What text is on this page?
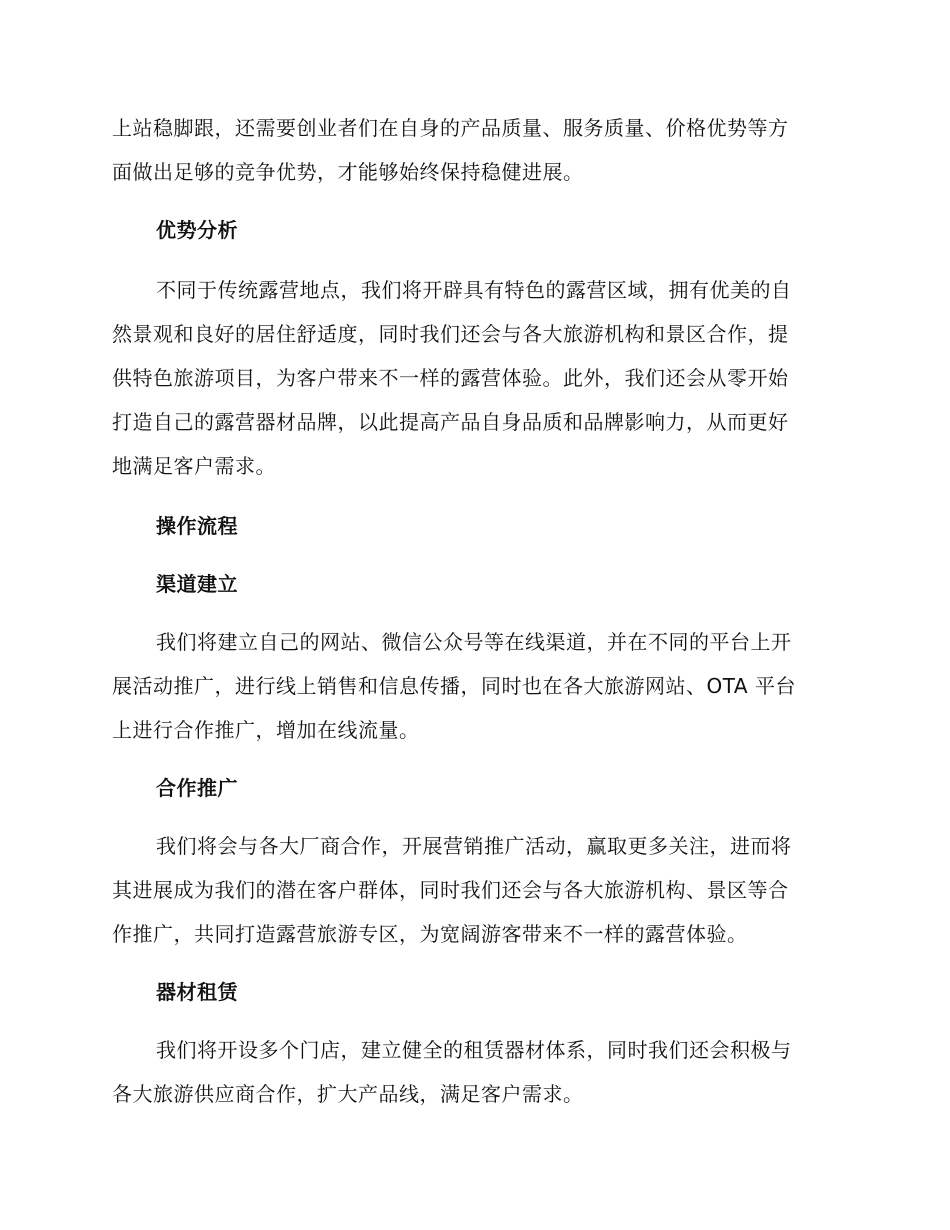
上站稳脚跟，还需要创业者们在自身的产品质量、服务质量、价格优势等方
面做出足够的竞争优势，才能够始终保持稳健进展。

优势分析

不同于传统露营地点，我们将开辟具有特色的露营区域，拥有优美的自
然景观和良好的居住舒适度，同时我们还会与各大旅游机构和景区合作，提
供特色旅游项目，为客户带来不一样的露营体验。此外，我们还会从零开始
打造自己的露营器材品牌，以此提高产品自身品质和品牌影响力，从而更好
地满足客户需求。

操作流程
渠道建立

我们将建立自己的网站、微信公众号等在线渠道，并在不同的平台上开
展活动推广，进行线上销售和信息传播，同时也在各大旅游网站、OTA 平台
上进行合作推广，增加在线流量。

合作推广

我们将会与各大厂商合作，开展营销推广活动，赢取更多关注，进而将
其进展成为我们的潜在客户群体，同时我们还会与各大旅游机构、景区等合
作推广，共同打造露营旅游专区，为宽阔游客带来不一样的露营体验。

器材租赁

我们将开设多个门店，建立健全的租赁器材体系，同时我们还会积极与
各大旅游供应商合作，扩大产品线，满足客户需求。
